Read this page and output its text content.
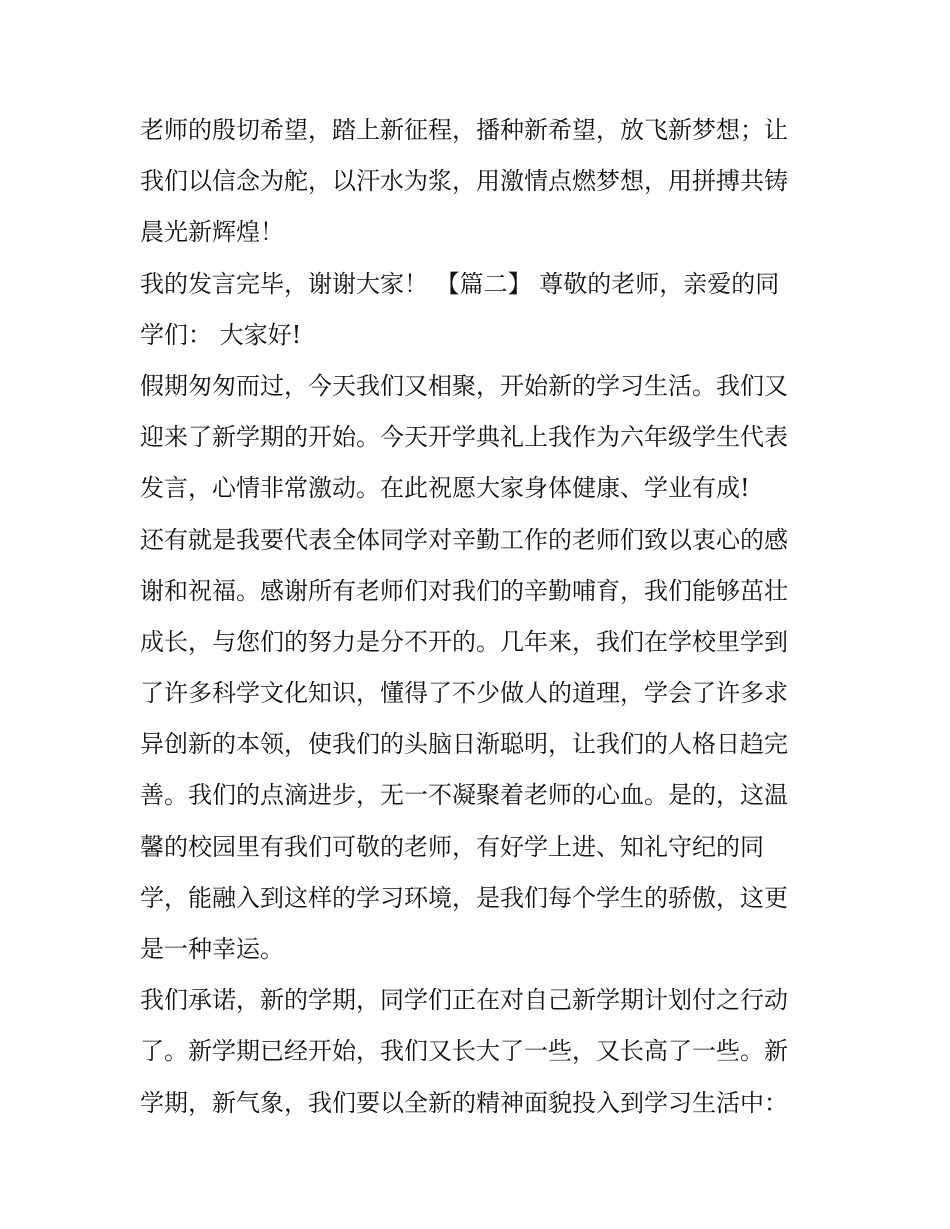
老师的殷切希望，踏上新征程，播种新希望，放飞新梦想；让
我们以信念为舵，以汗水为浆，用激情点燃梦想，用拼搏共铸
晨光新辉煌！
我的发言完毕，谢谢大家！ 【篇二】 尊敬的老师，亲爱的同
学们： 大家好!
假期匆匆而过，今天我们又相聚，开始新的学习生活。我们又
迎来了新学期的开始。今天开学典礼上我作为六年级学生代表
发言，心情非常激动。在此祝愿大家身体健康、学业有成!
还有就是我要代表全体同学对辛勤工作的老师们致以衷心的感
谢和祝福。感谢所有老师们对我们的辛勤哺育，我们能够茁壮
成长，与您们的努力是分不开的。几年来，我们在学校里学到
了许多科学文化知识，懂得了不少做人的道理，学会了许多求
异创新的本领，使我们的头脑日渐聪明，让我们的人格日趋完
善。我们的点滴进步，无一不凝聚着老师的心血。是的，这温
馨的校园里有我们可敬的老师，有好学上进、知礼守纪的同
学，能融入到这样的学习环境，是我们每个学生的骄傲，这更
是一种幸运。
我们承诺，新的学期，同学们正在对自己新学期计划付之行动
了。新学期已经开始，我们又长大了一些，又长高了一些。新
学期，新气象，我们要以全新的精神面貌投入到学习生活中：
